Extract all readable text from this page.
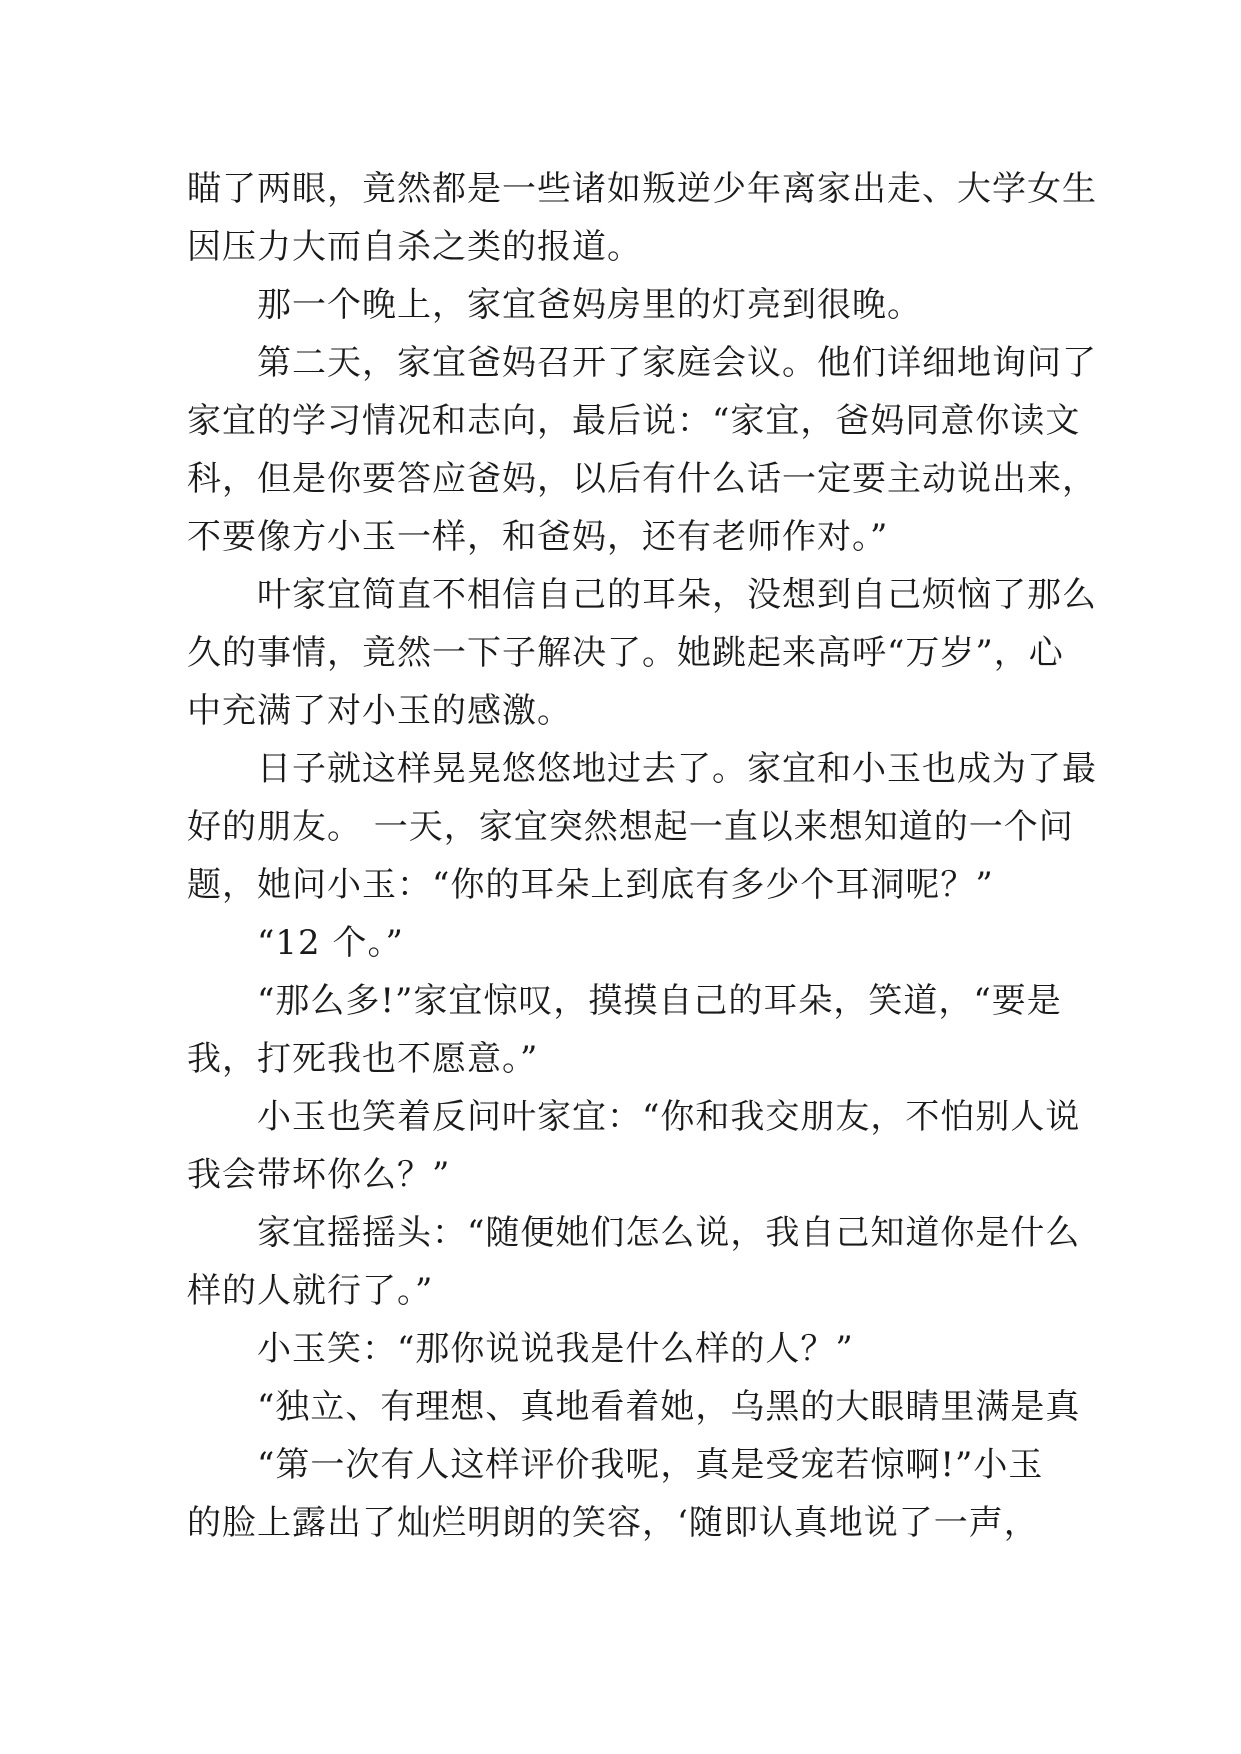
瞄了两眼，竟然都是一些诸如叛逆少年离家出走、大学女生
因压力大而自杀之类的报道。
　　那一个晚上，家宜爸妈房里的灯亮到很晚。
　　第二天，家宜爸妈召开了家庭会议。他们详细地询问了
家宜的学习情况和志向，最后说：“家宜，爸妈同意你读文
科，但是你要答应爸妈，以后有什么话一定要主动说出来，
不要像方小玉一样，和爸妈，还有老师作对。”
　　叶家宜简直不相信自己的耳朵，没想到自己烦恼了那么
久的事情，竟然一下子解决了。她跳起来高呼“万岁”，心
中充满了对小玉的感激。
　　日子就这样晃晃悠悠地过去了。家宜和小玉也成为了最
好的朋友。 一天，家宜突然想起一直以来想知道的一个问
题，她问小玉：“你的耳朵上到底有多少个耳洞呢？”
　　“12 个。”
　　“那么多!”家宜惊叹，摸摸自己的耳朵，笑道，“要是
我，打死我也不愿意。”
　　小玉也笑着反问叶家宜：“你和我交朋友，不怕别人说
我会带坏你么？”
　　家宜摇摇头：“随便她们怎么说，我自己知道你是什么
样的人就行了。”
　　小玉笑：“那你说说我是什么样的人？”
　　“独立、有理想、真地看着她，乌黑的大眼睛里满是真
　　“第一次有人这样评价我呢，真是受宠若惊啊!”小玉
的脸上露出了灿烂明朗的笑容，‘随即认真地说了一声，
